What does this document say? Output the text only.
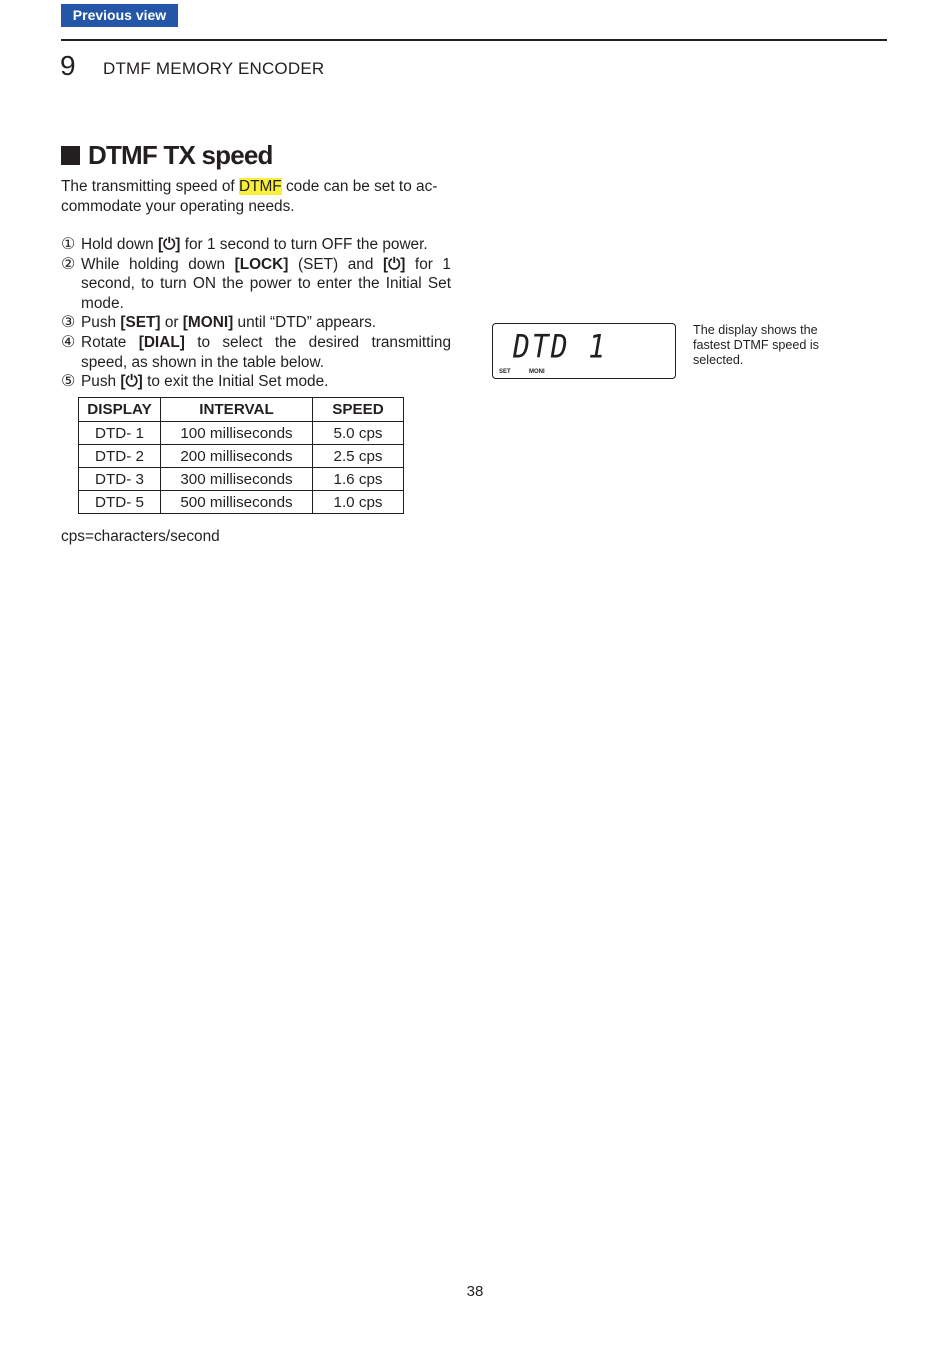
Previous view
9 DTMF MEMORY ENCODER
DTMF TX speed
The transmitting speed of DTMF code can be set to accommodate your operating needs.
① Hold down [⏻] for 1 second to turn OFF the power.
② While holding down [LOCK] (SET) and [⏻] for 1 second, to turn ON the power to enter the Initial Set mode.
③ Push [SET] or [MONI] until “DTD” appears.
④ Rotate [DIAL] to select the desired transmitting speed, as shown in the table below.
⑤ Push [⏻] to exit the Initial Set mode.
DISPLAY	INTERVAL	SPEED
DTD- 1	100 milliseconds	5.0 cps
DTD- 2	200 milliseconds	2.5 cps
DTD- 3	300 milliseconds	1.6 cps
DTD- 5	500 milliseconds	1.0 cps
cps=characters/second
DTD 1
SET	MONI
The display shows the fastest DTMF speed is selected.
38
